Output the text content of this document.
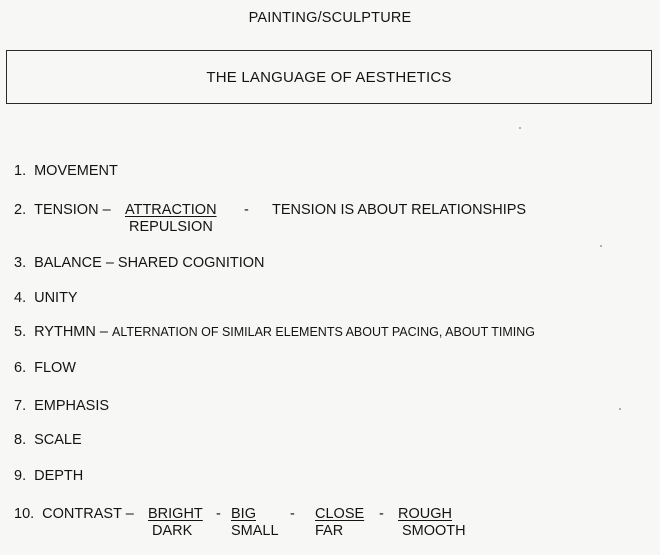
PAINTING/SCULPTURE
THE LANGUAGE OF AESTHETICS
1. MOVEMENT
2. TENSION – ATTRACTION
REPULSION
- TENSION IS ABOUT RELATIONSHIPS
3. BALANCE – SHARED COGNITION
4. UNITY
5. RYTHMN – ALTERNATION OF SIMILAR ELEMENTS ABOUT PACING, ABOUT TIMING
6. FLOW
7. EMPHASIS
8. SCALE
9. DEPTH
10. CONTRAST – BRIGHT
DARK
- BIG
SMALL
- CLOSE
FAR
- ROUGH
SMOOTH
